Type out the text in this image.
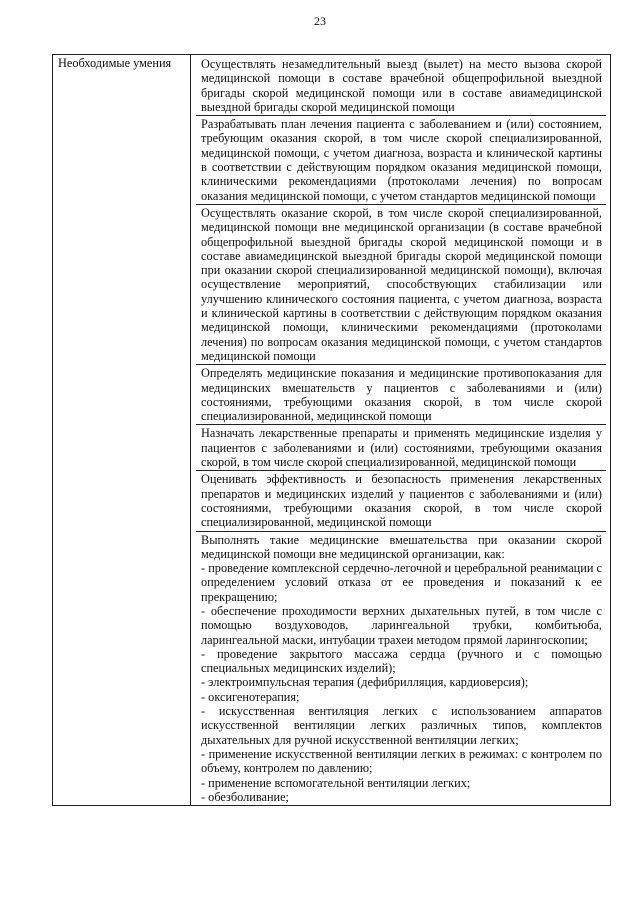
23
Необходимые умения	Осуществлять незамедлительный выезд (вылет) на место вызова скорой медицинской помощи в составе врачебной общепрофильной выездной бригады скорой медицинской помощи или в составе авиамедицинской выездной бригады скорой медицинской помощи
Разрабатывать план лечения пациента с заболеванием и (или) состоянием, требующим оказания скорой, в том числе скорой специализированной, медицинской помощи, с учетом диагноза, возраста и клинической картины в соответствии с действующим порядком оказания медицинской помощи, клиническими рекомендациями (протоколами лечения) по вопросам оказания медицинской помощи, с учетом стандартов медицинской помощи
Осуществлять оказание скорой, в том числе скорой специализированной, медицинской помощи вне медицинской организации (в составе врачебной общепрофильной выездной бригады скорой медицинской помощи и в составе авиамедицинской выездной бригады скорой медицинской помощи при оказании скорой специализированной медицинской помощи), включая осуществление мероприятий, способствующих стабилизации или улучшению клинического состояния пациента, с учетом диагноза, возраста и клинической картины в соответствии с действующим порядком оказания медицинской помощи, клиническими рекомендациями (протоколами лечения) по вопросам оказания медицинской помощи, с учетом стандартов медицинской помощи
Определять медицинские показания и медицинские противопоказания для медицинских вмешательств у пациентов с заболеваниями и (или) состояниями, требующими оказания скорой, в том числе скорой специализированной, медицинской помощи
Назначать лекарственные препараты и применять медицинские изделия у пациентов с заболеваниями и (или) состояниями, требующими оказания скорой, в том числе скорой специализированной, медицинской помощи
Оценивать эффективность и безопасность применения лекарственных препаратов и медицинских изделий у пациентов с заболеваниями и (или) состояниями, требующими оказания скорой, в том числе скорой специализированной, медицинской помощи
Выполнять такие медицинские вмешательства при оказании скорой медицинской помощи вне медицинской организации, как:
- проведение комплексной сердечно-легочной и церебральной реанимации с определением условий отказа от ее проведения и показаний к ее прекращению;
- обеспечение проходимости верхних дыхательных путей, в том числе с помощью воздуховодов, ларингеальной трубки, комбитьюба, ларингеальной маски, интубации трахеи методом прямой ларингоскопии;
- проведение закрытого массажа сердца (ручного и с помощью специальных медицинских изделий);
- электроимпульсная терапия (дефибрилляция, кардиоверсия);
- оксигенотерапия;
- искусственная вентиляция легких с использованием аппаратов искусственной вентиляции легких различных типов, комплектов дыхательных для ручной искусственной вентиляции легких;
- применение искусственной вентиляции легких в режимах: с контролем по объему, контролем по давлению;
- применение вспомогательной вентиляции легких;
- обезболивание;
